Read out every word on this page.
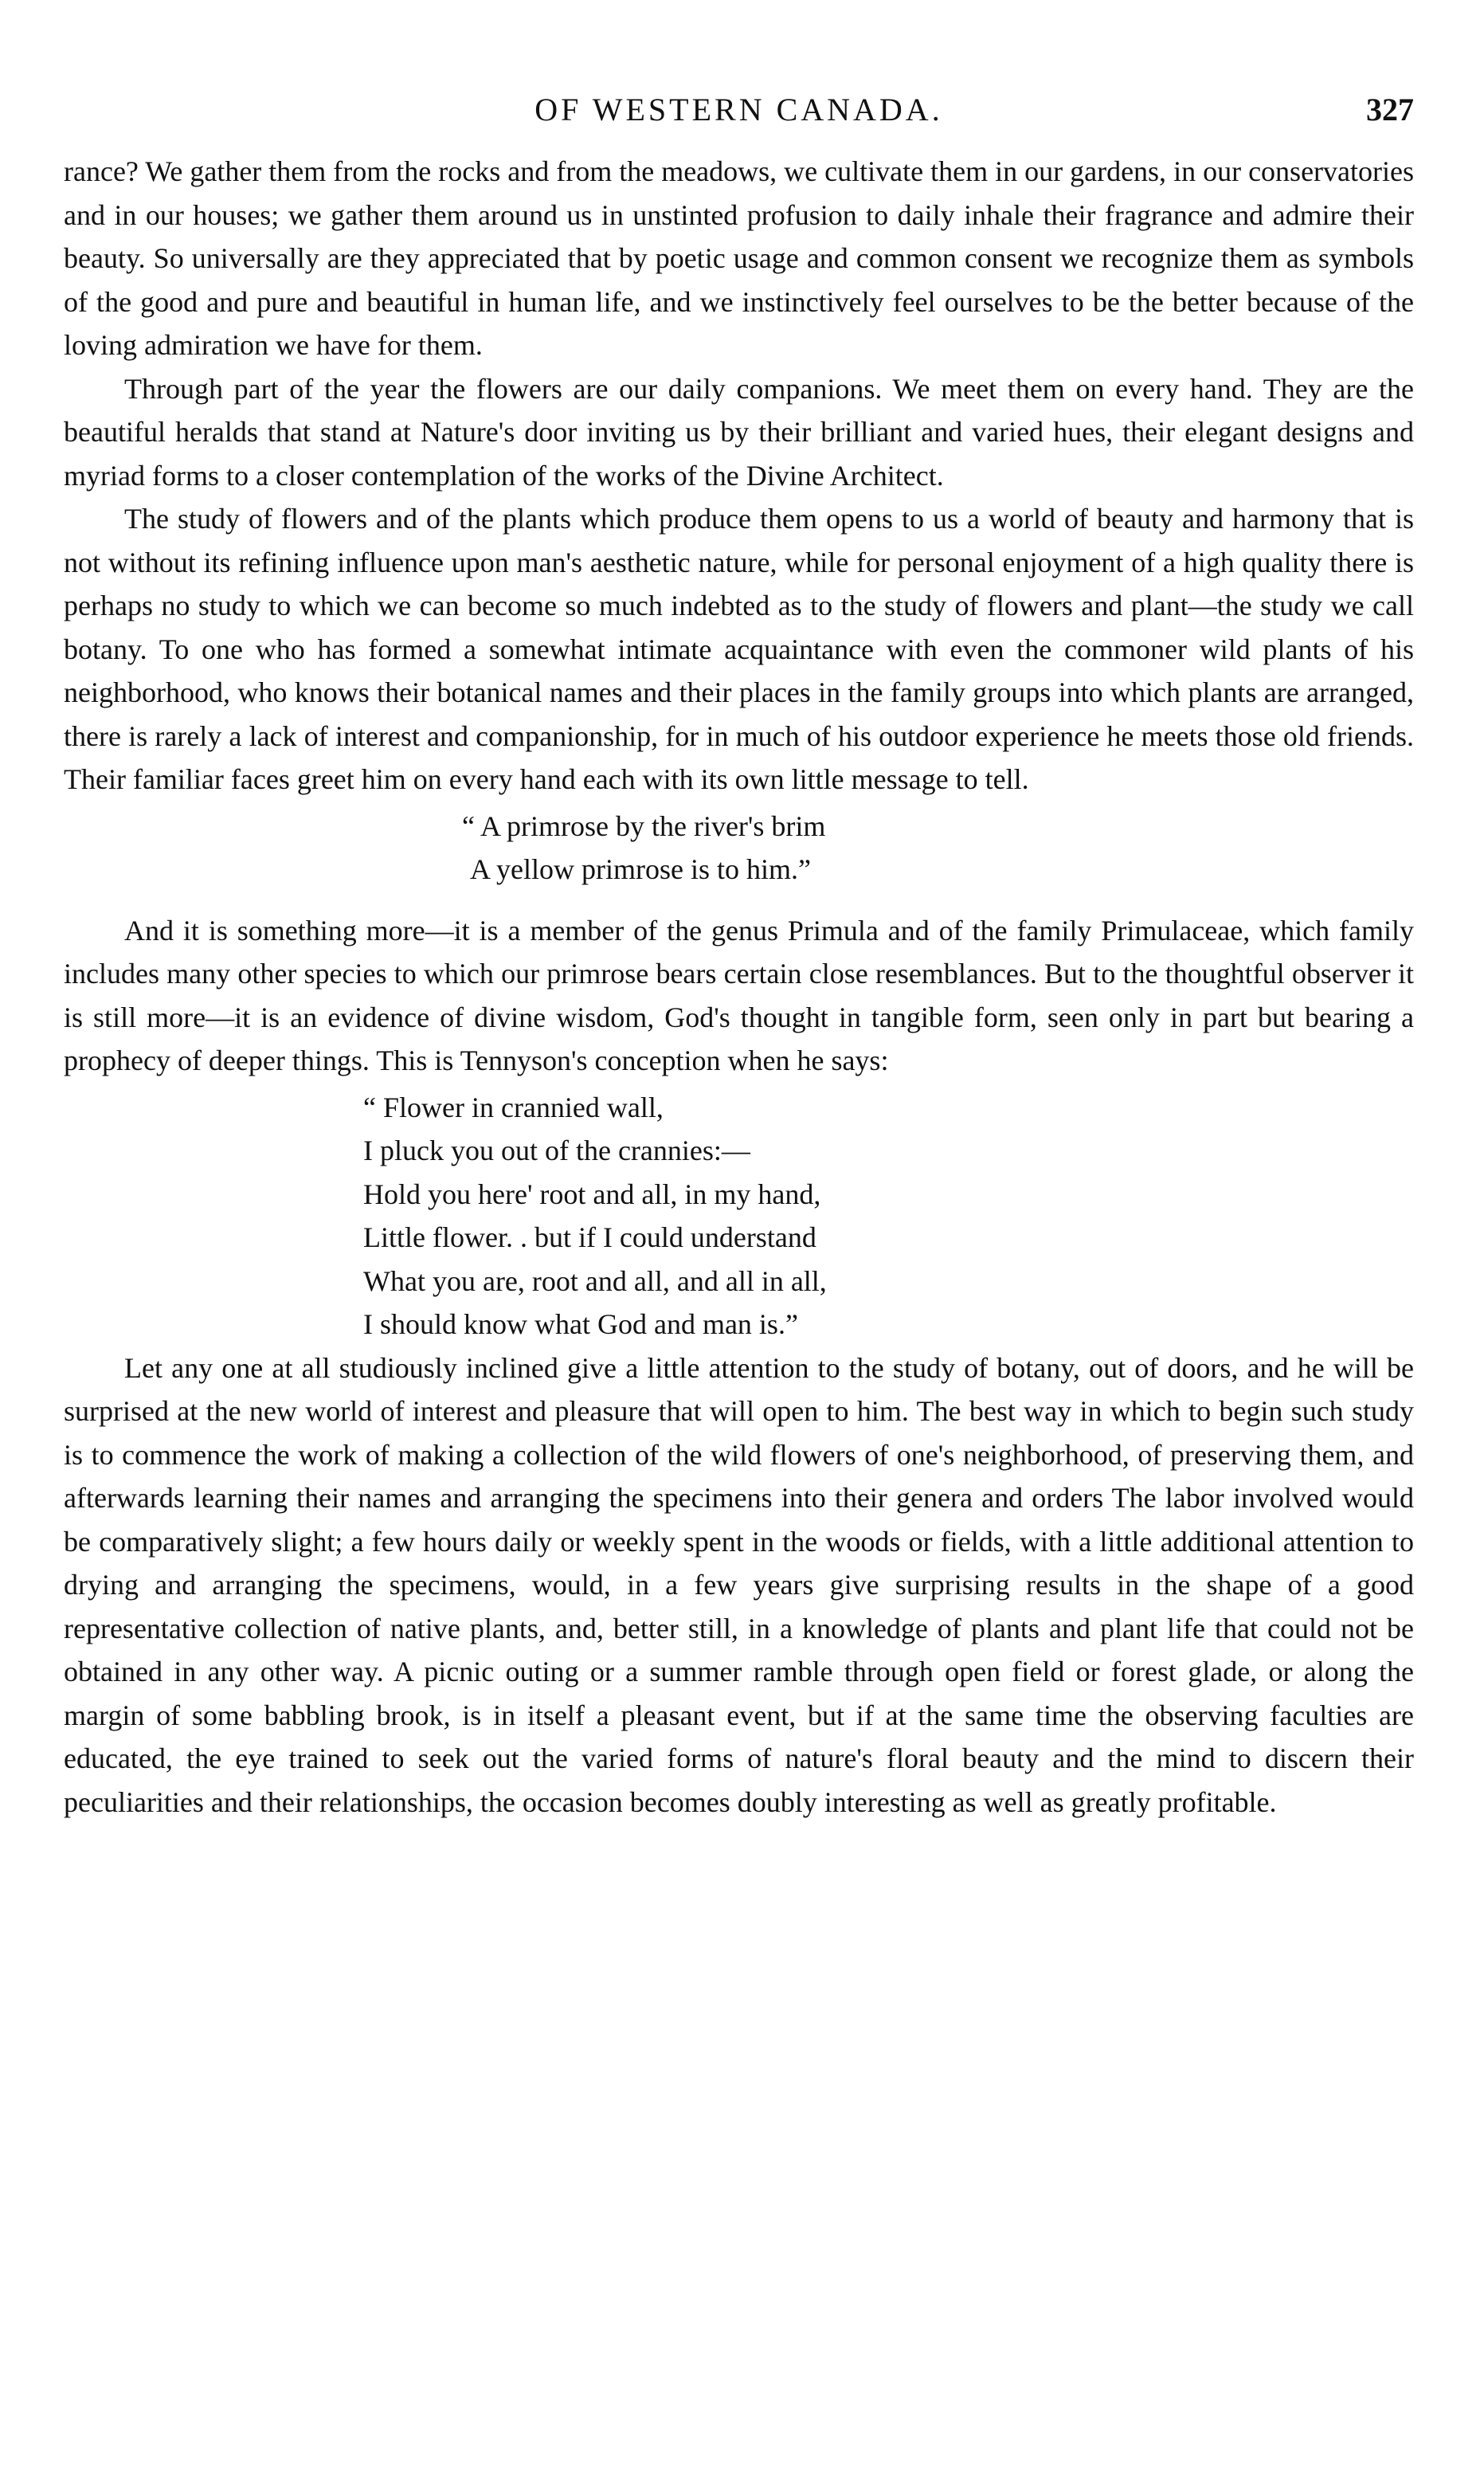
OF WESTERN CANADA.	327

rance? We gather them from the rocks and from the meadows, we cultivate them in our gardens, in our conservatories and in our houses; we gather them around us in unstinted profusion to daily inhale their fragrance and admire their beauty. So universally are they appreciated that by poetic usage and common consent we recognize them as symbols of the good and pure and beautiful in human life, and we instinctively feel ourselves to be the better because of the loving admiration we have for them.

Through part of the year the flowers are our daily companions. We meet them on every hand. They are the beautiful heralds that stand at Nature's door inviting us by their brilliant and varied hues, their elegant designs and myriad forms to a closer contemplation of the works of the Divine Architect.

The study of flowers and of the plants which produce them opens to us a world of beauty and harmony that is not without its refining influence upon man's aesthetic nature, while for personal enjoyment of a high quality there is perhaps no study to which we can become so much indebted as to the study of flowers and plant—the study we call botany. To one who has formed a somewhat intimate acquaintance with even the commoner wild plants of his neighborhood, who knows their botanical names and their places in the family groups into which plants are arranged, there is rarely a lack of interest and companionship, for in much of his outdoor experience he meets those old friends. Their familiar faces greet him on every hand each with its own little message to tell.

“ A primrose by the river's brim
A yellow primrose is to him.”

And it is something more—it is a member of the genus Primula and of the family Primulaceae, which family includes many other species to which our primrose bears certain close resemblances. But to the thoughtful observer it is still more—it is an evidence of divine wisdom, God's thought in tangible form, seen only in part but bearing a prophecy of deeper things. This is Tennyson's conception when he says:

“ Flower in crannied wall,
I pluck you out of the crannies:—
Hold you here' root and all, in my hand,
Little flower. . but if I could understand
What you are, root and all, and all in all,
I should know what God and man is.”

Let any one at all studiously inclined give a little attention to the study of botany, out of doors, and he will be surprised at the new world of interest and pleasure that will open to him. The best way in which to begin such study is to commence the work of making a collection of the wild flowers of one's neighborhood, of preserving them, and afterwards learning their names and arranging the specimens into their genera and orders The labor involved would be comparatively slight; a few hours daily or weekly spent in the woods or fields, with a little additional attention to drying and arranging the specimens, would, in a few years give surprising results in the shape of a good representative collection of native plants, and, better still, in a knowledge of plants and plant life that could not be obtained in any other way. A picnic outing or a summer ramble through open field or forest glade, or along the margin of some babbling brook, is in itself a pleasant event, but if at the same time the observing faculties are educated, the eye trained to seek out the varied forms of nature's floral beauty and the mind to discern their peculiarities and their relationships, the occasion becomes doubly interesting as well as greatly profitable.
